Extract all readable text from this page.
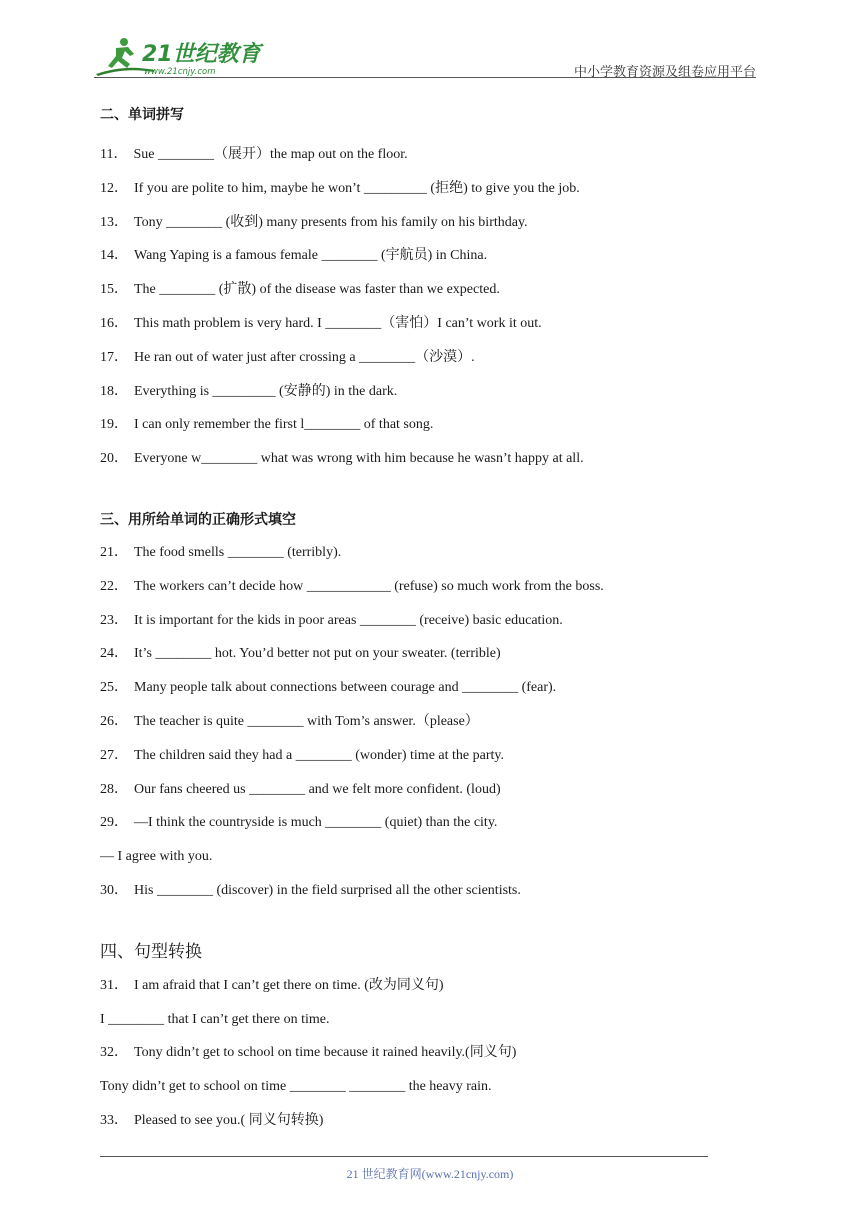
21世纪教育
www.21cnjy.com	中小学教育资源及组卷应用平台
二、单词拼写
11． Sue ________（展开）the map out on the floor.
12． If you are polite to him, maybe he won’t _________ (拒绝) to give you the job.
13． Tony ________ (收到) many presents from his family on his birthday.
14． Wang Yaping is a famous female ________ (宇航员) in China.
15． The ________ (扩散) of the disease was faster than we expected.
16． This math problem is very hard. I ________（害怕）I can’t work it out.
17． He ran out of water just after crossing a ________（沙漠）.
18． Everything is _________ (安静的) in the dark.
19． I can only remember the first l________ of that song.
20． Everyone w________ what was wrong with him because he wasn’t happy at all.
三、用所给单词的正确形式填空
21． The food smells ________ (terribly).
22． The workers can’t decide how ____________ (refuse) so much work from the boss.
23． It is important for the kids in poor areas ________ (receive) basic education.
24． It’s ________ hot. You’d better not put on your sweater. (terrible)
25． Many people talk about connections between courage and ________ (fear).
26． The teacher is quite ________ with Tom’s answer.（please）
27． The children said they had a ________ (wonder) time at the party.
28． Our fans cheered us ________ and we felt more confident. (loud)
29． —I think the countryside is much ________ (quiet) than the city.
— I agree with you.
30． His ________ (discover) in the field surprised all the other scientists.
四、句型转换
31． I am afraid that I can’t get there on time. (改为同义句)
I ________ that I can’t get there on time.
32． Tony didn’t get to school on time because it rained heavily.(同义句)
Tony didn’t get to school on time ________ ________ the heavy rain.
33． Pleased to see you.( 同义句转换)
21 世纪教育网(www.21cnjy.com)
